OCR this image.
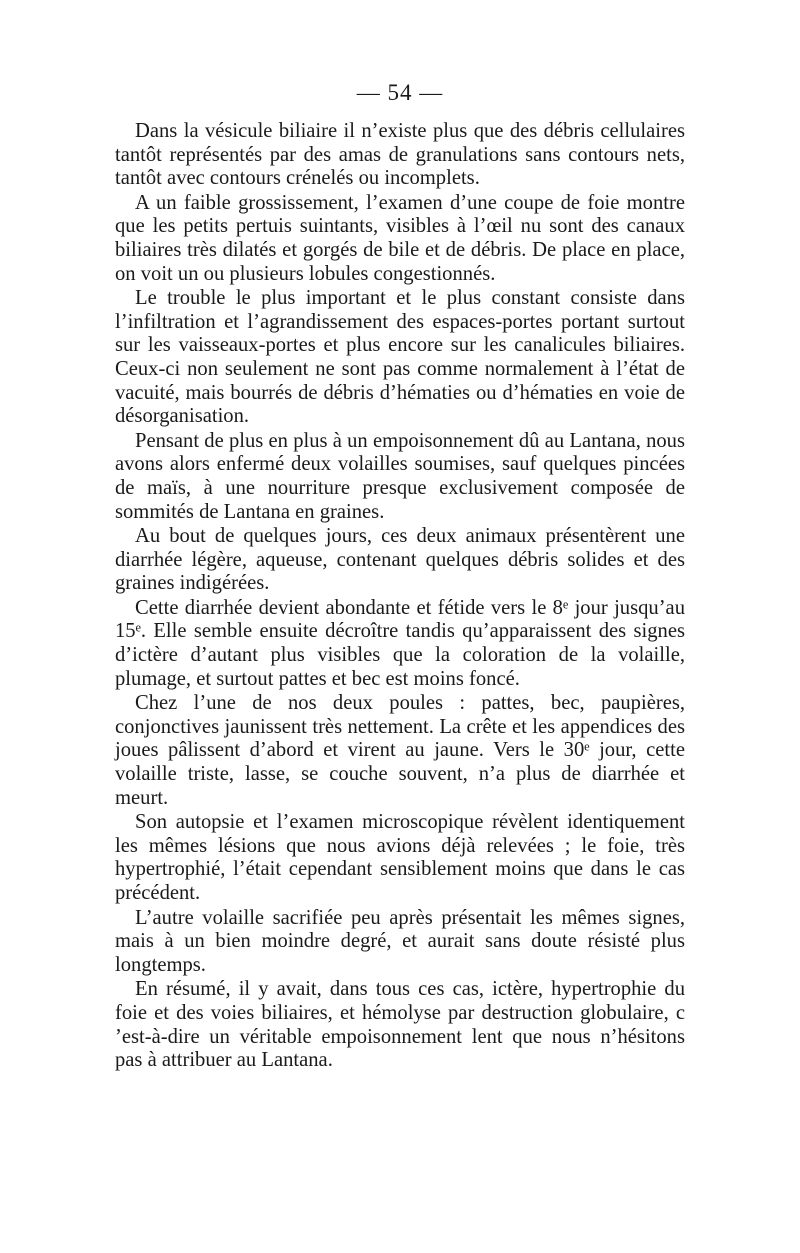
— 54 —

Dans la vésicule biliaire il n’existe plus que des débris cellulaires tantôt représentés par des amas de granulations sans contours nets, tantôt avec contours crénelés ou incomplets.

A un faible grossissement, l’examen d’une coupe de foie montre que les petits pertuis suintants, visibles à l’œil nu sont des canaux biliaires très dilatés et gorgés de bile et de débris. De place en place, on voit un ou plusieurs lobules congestionnés.

Le trouble le plus important et le plus constant consiste dans l’infiltration et l’agrandissement des espaces-portes portant surtout sur les vaisseaux-portes et plus encore sur les canalicules biliaires. Ceux-ci non seulement ne sont pas comme normalement à l’état de vacuité, mais bourrés de débris d’hématies ou d’hématies en voie de désorganisation.

Pensant de plus en plus à un empoisonnement dû au Lantana, nous avons alors enfermé deux volailles soumises, sauf quelques pincées de maïs, à une nourriture presque exclusivement composée de sommités de Lantana en graines.

Au bout de quelques jours, ces deux animaux présentèrent une diarrhée légère, aqueuse, contenant quelques débris solides et des graines indigérées.

Cette diarrhée devient abondante et fétide vers le 8ᵉ jour jusqu’au 15ᵉ. Elle semble ensuite décroître tandis qu’apparaissent des signes d’ictère d’autant plus visibles que la coloration de la volaille, plumage, et surtout pattes et bec est moins foncé.

Chez l’une de nos deux poules : pattes, bec, paupières, conjonctives jaunissent très nettement. La crête et les appendices des joues pâlissent d’abord et virent au jaune. Vers le 30ᵉ jour, cette volaille triste, lasse, se couche souvent, n’a plus de diarrhée et meurt.

Son autopsie et l’examen microscopique révèlent identiquement les mêmes lésions que nous avions déjà relevées ; le foie, très hypertrophié, l’était cependant sensiblement moins que dans le cas précédent.

L’autre volaille sacrifiée peu après présentait les mêmes signes, mais à un bien moindre degré, et aurait sans doute résisté plus longtemps.

En résumé, il y avait, dans tous ces cas, ictère, hypertrophie du foie et des voies biliaires, et hémolyse par destruction globulaire, c ’est-à-dire un véritable empoisonnement lent que nous n’hésitons pas à attribuer au Lantana.
